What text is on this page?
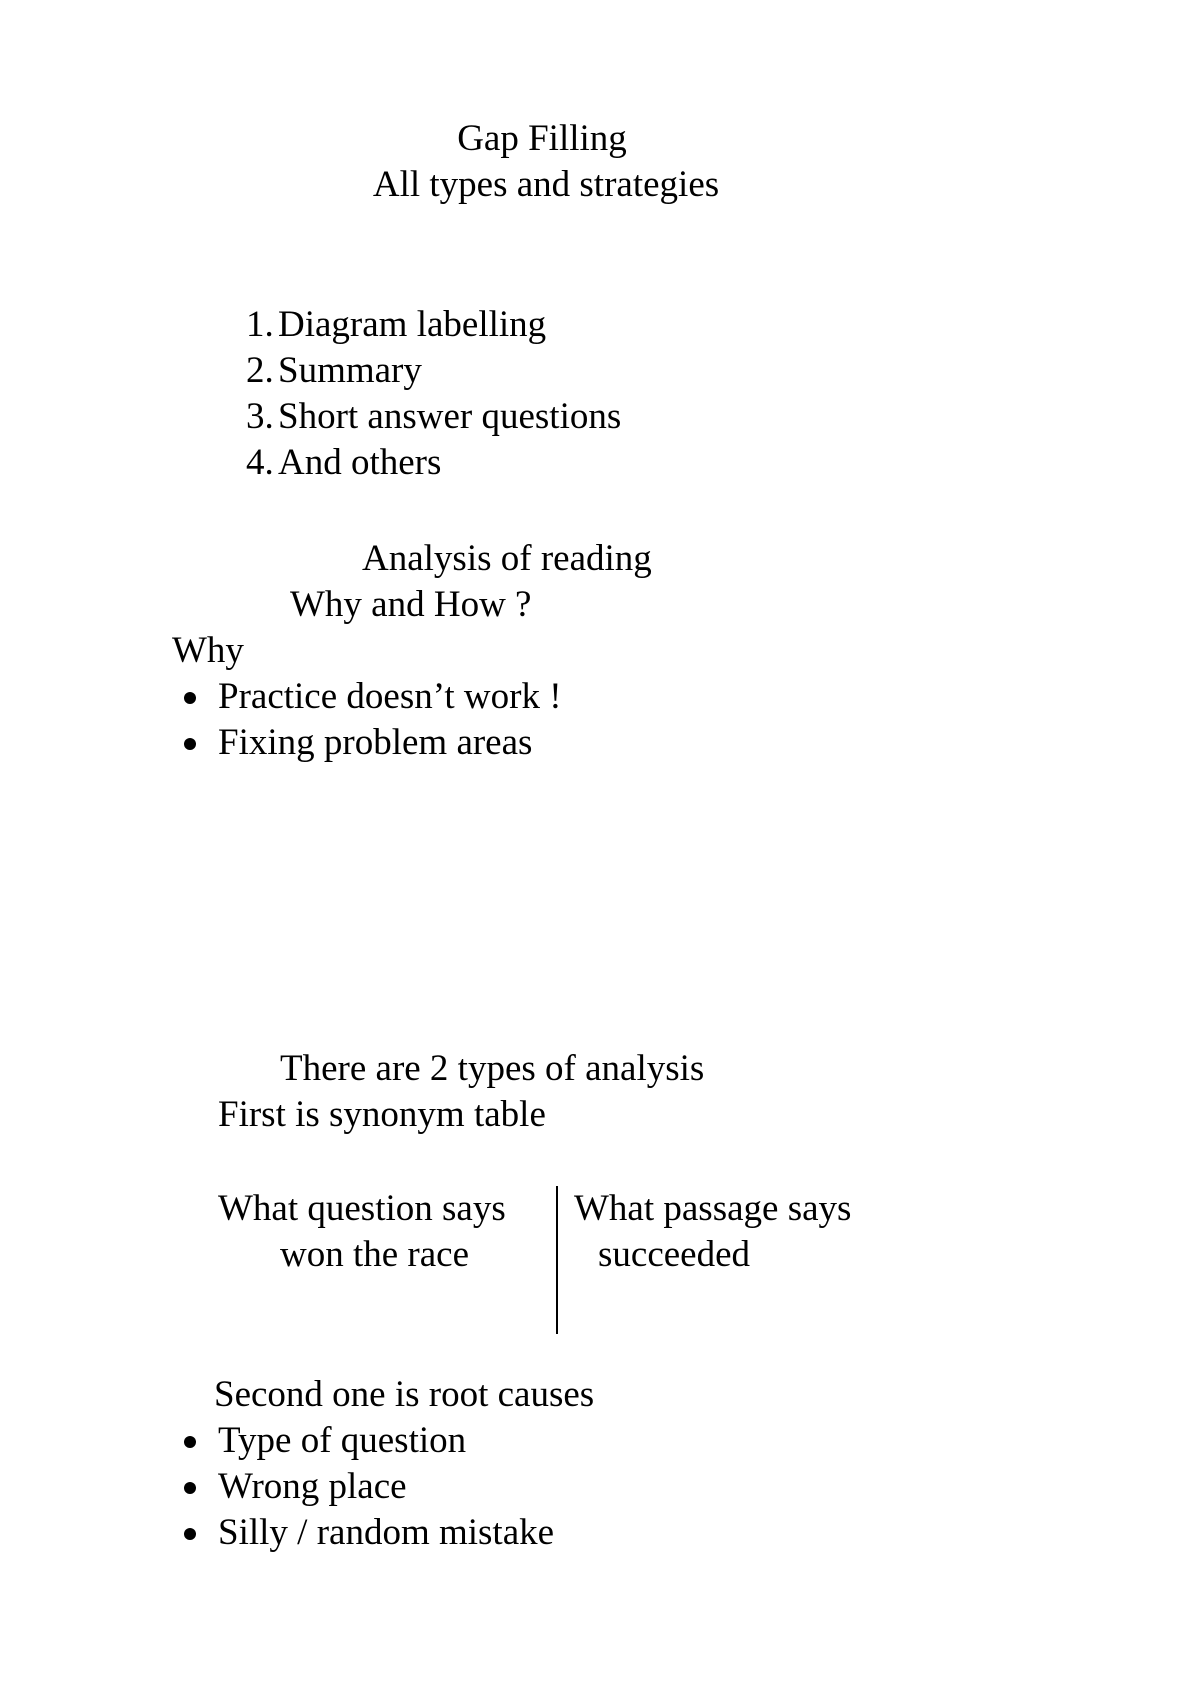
Gap Filling
All types and strategies
1. Diagram labelling
2. Summary
3. Short answer questions
4. And others
Analysis of reading
Why and How ?
Why
Practice doesn’t work !
Fixing problem areas
There are 2 types of analysis
First is synonym table
What question says What passage says
won the race	succeeded
Second one is root causes
Type of question
Wrong place
Silly / random mistake
